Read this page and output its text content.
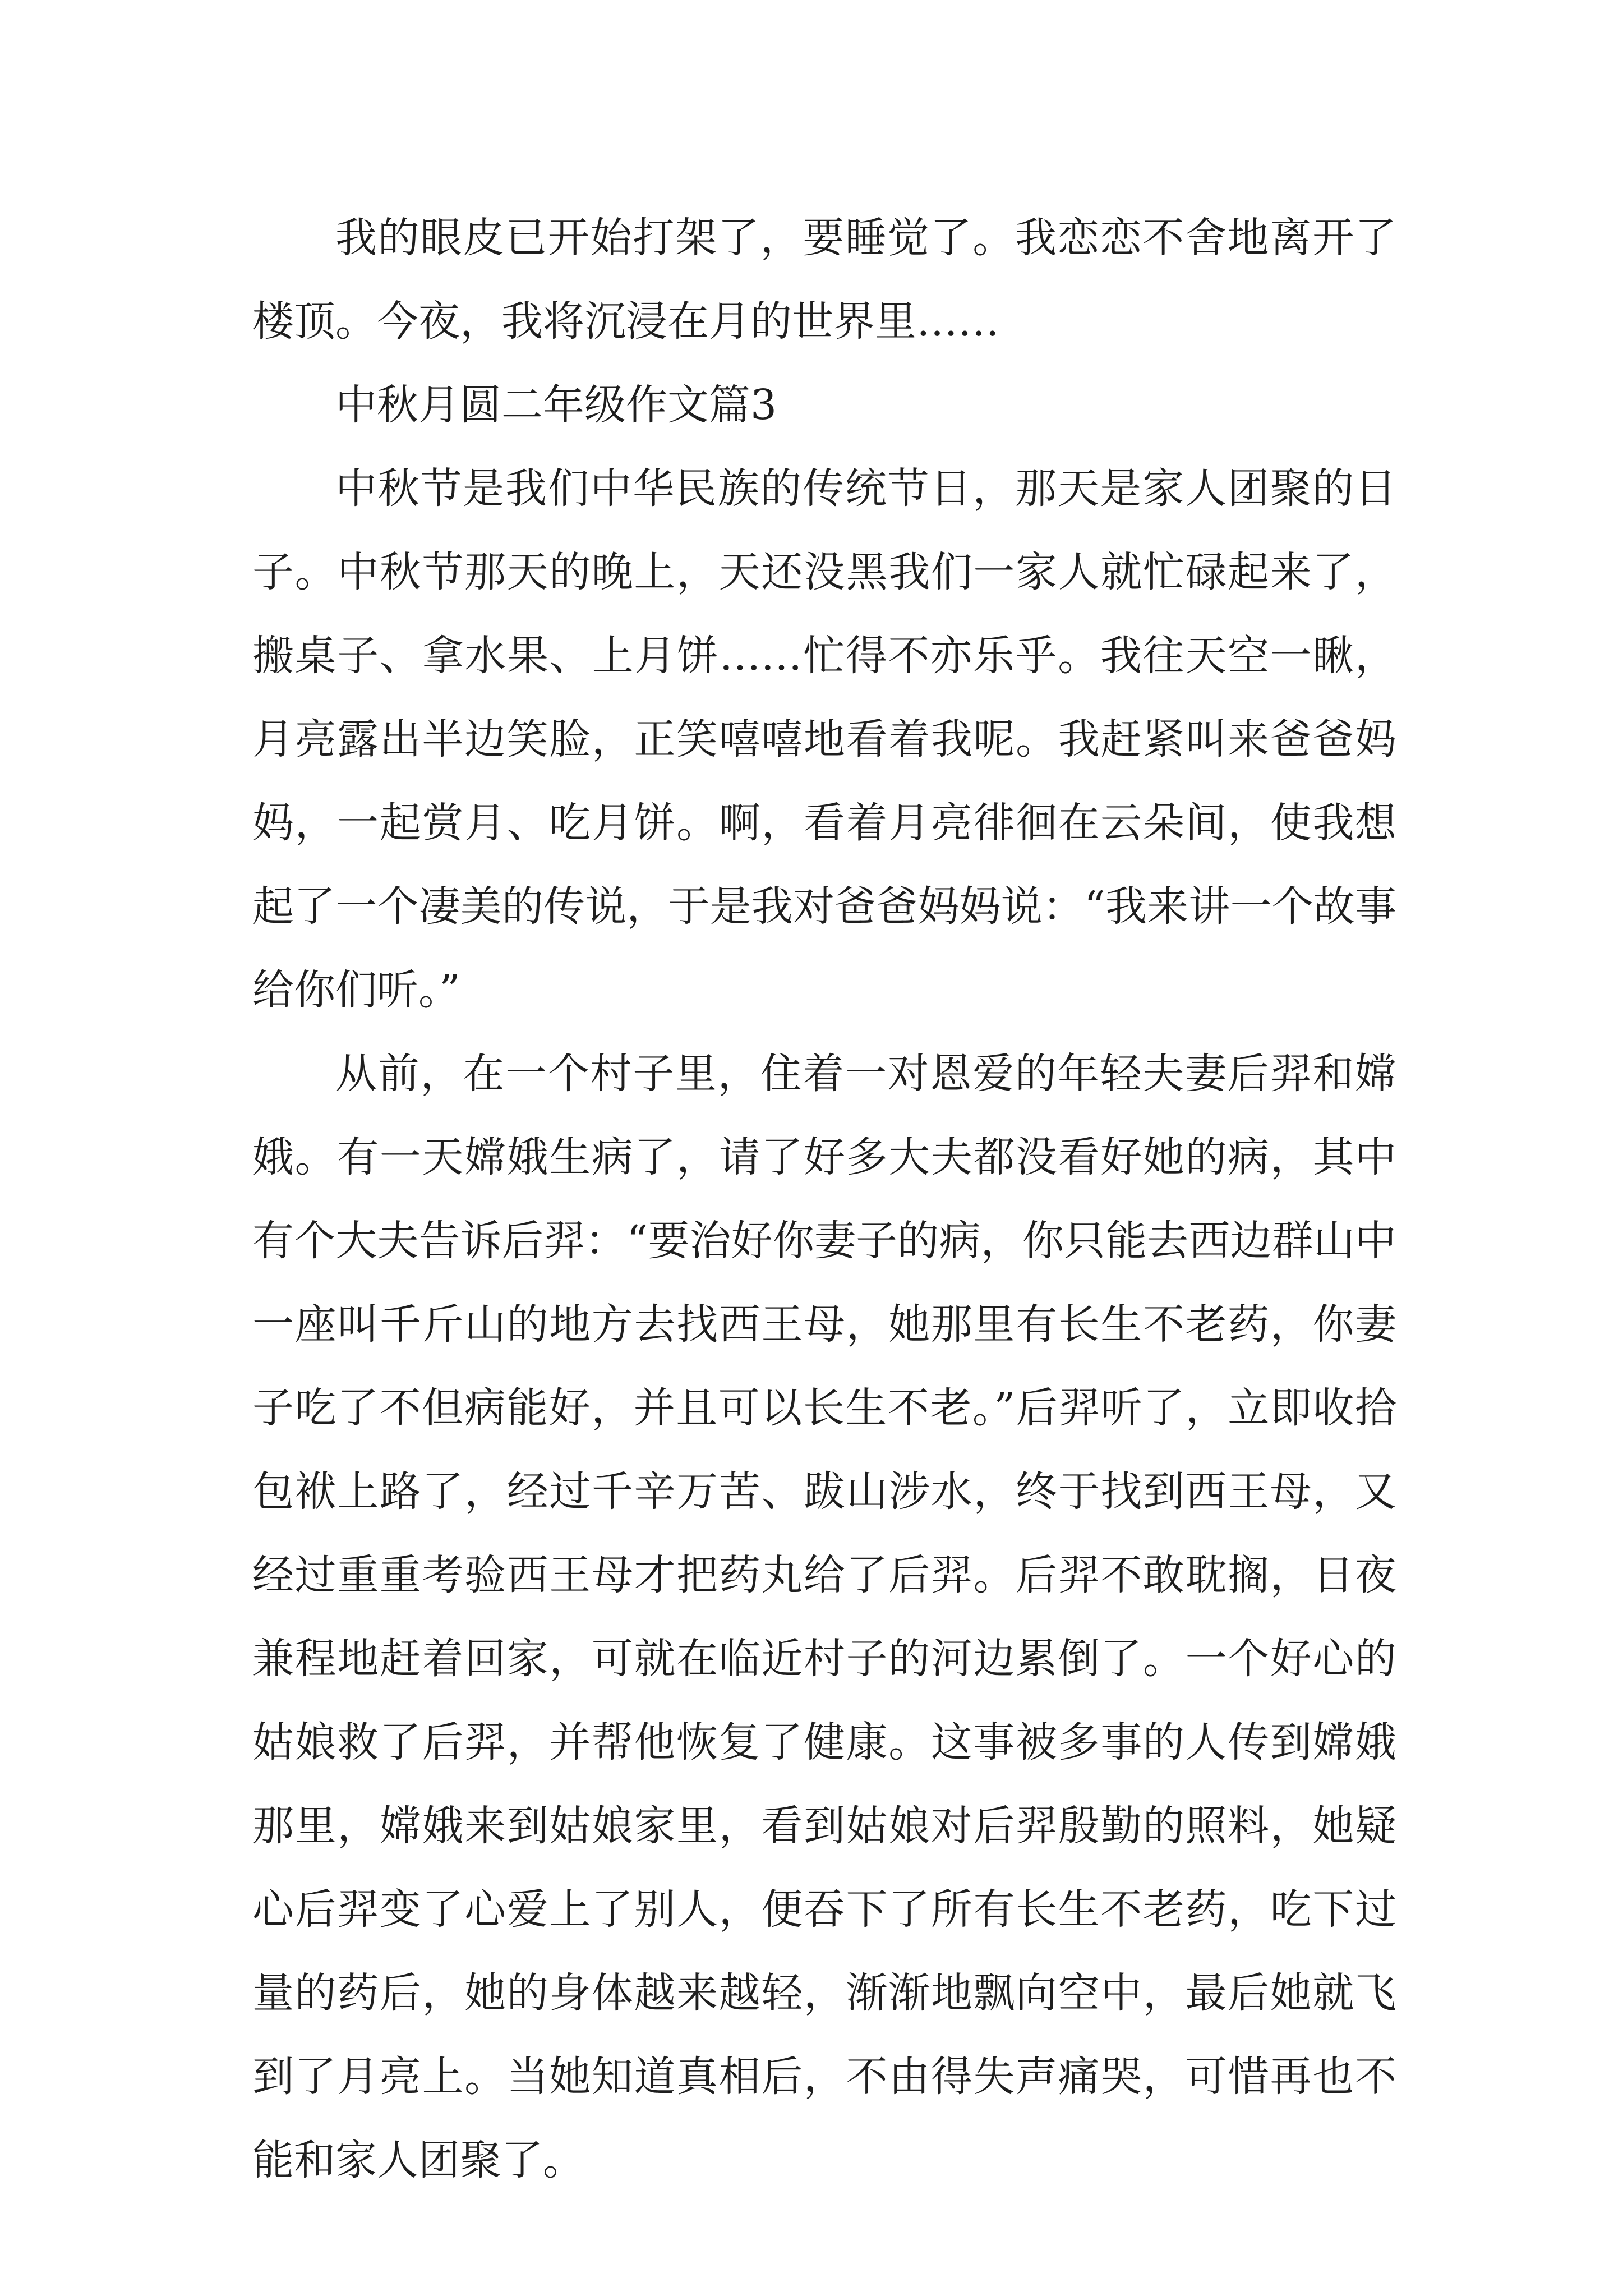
我的眼皮已开始打架了，要睡觉了。我恋恋不舍地离开了楼顶。今夜，我将沉浸在月的世界里……

中秋月圆二年级作文篇3

中秋节是我们中华民族的传统节日，那天是家人团聚的日子。中秋节那天的晚上，天还没黑我们一家人就忙碌起来了，搬桌子、拿水果、上月饼……忙得不亦乐乎。我往天空一瞅，月亮露出半边笑脸，正笑嘻嘻地看着我呢。我赶紧叫来爸爸妈妈，一起赏月、吃月饼。啊，看着月亮徘徊在云朵间，使我想起了一个凄美的传说，于是我对爸爸妈妈说：“我来讲一个故事给你们听。”

从前，在一个村子里，住着一对恩爱的年轻夫妻后羿和嫦娥。有一天嫦娥生病了，请了好多大夫都没看好她的病，其中有个大夫告诉后羿：“要治好你妻子的病，你只能去西边群山中一座叫千斤山的地方去找西王母，她那里有长生不老药，你妻子吃了不但病能好，并且可以长生不老。”后羿听了，立即收拾包袱上路了，经过千辛万苦、跋山涉水，终于找到西王母，又经过重重考验西王母才把药丸给了后羿。后羿不敢耽搁，日夜兼程地赶着回家，可就在临近村子的河边累倒了。一个好心的姑娘救了后羿，并帮他恢复了健康。这事被多事的人传到嫦娥那里，嫦娥来到姑娘家里，看到姑娘对后羿殷勤的照料，她疑心后羿变了心爱上了别人，便吞下了所有长生不老药，吃下过量的药后，她的身体越来越轻，渐渐地飘向空中，最后她就飞到了月亮上。当她知道真相后，不由得失声痛哭，可惜再也不能和家人团聚了。
